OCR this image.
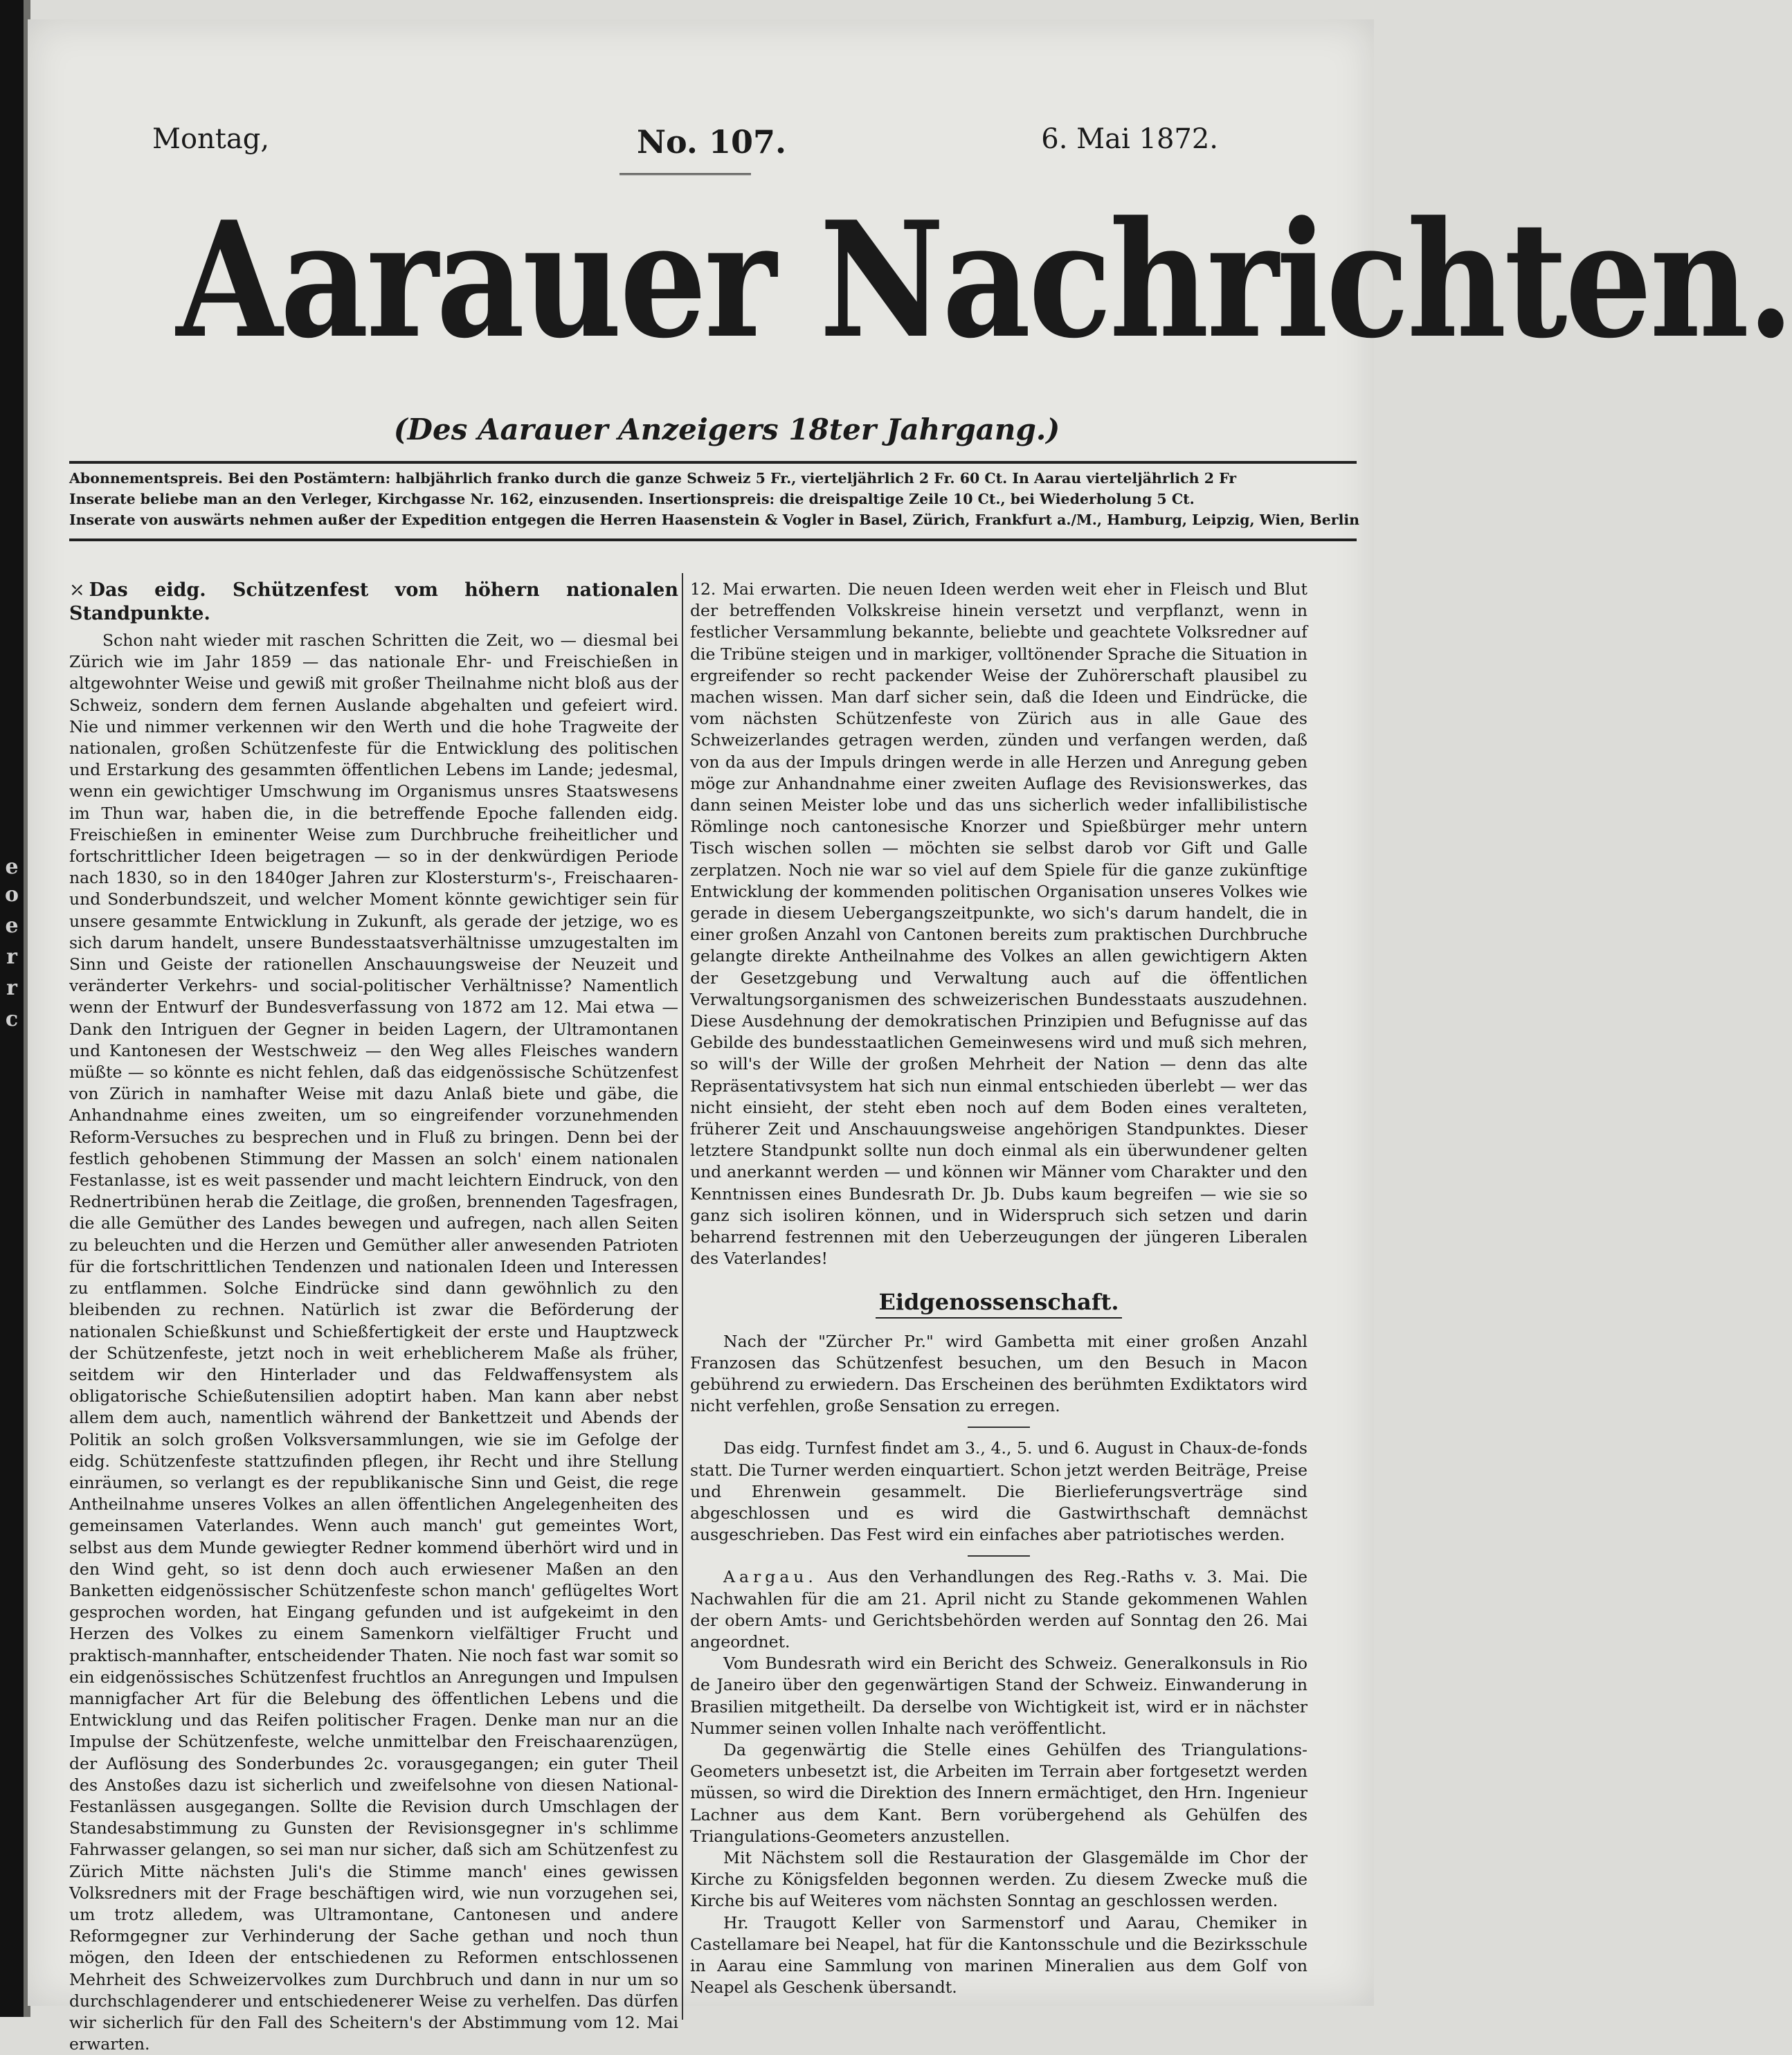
e
o
e
r
r
c
Montag,	No. 107.	6. Mai 1872.
Aarauer Nachrichten.
(Des Aarauer Anzeigers 18ter Jahrgang.)
Abonnementspreis. Bei den Postämtern: halbjährlich franko durch die ganze Schweiz 5 Fr., vierteljährlich 2 Fr. 60 Ct. In Aarau vierteljährlich 2 Fr
Inserate beliebe man an den Verleger, Kirchgasse Nr. 162, einzusenden. Insertionspreis: die dreispaltige Zeile 10 Ct., bei Wiederholung 5 Ct.
Inserate von auswärts nehmen außer der Expedition entgegen die Herren Haasenstein & Vogler in Basel, Zürich, Frankfurt a./M., Hamburg, Leipzig, Wien, Berlin
⤫ Das eidg. Schützenfest vom höhern nationalen Standpunkte.

Schon naht wieder mit raschen Schritten die Zeit, wo — diesmal bei Zürich wie im Jahr 1859 — das nationale Ehr- und Freischießen in altgewohnter Weise und gewiß mit großer Theilnahme nicht bloß aus der Schweiz, sondern dem fernen Auslande abgehalten und gefeiert wird. Nie und nimmer verkennen wir den Werth und die hohe Tragweite der nationalen, großen Schützenfeste für die Entwicklung des politischen und Erstarkung des gesammten öffentlichen Lebens im Lande; jedesmal, wenn ein gewichtiger Umschwung im Organismus unsres Staatswesens im Thun war, haben die, in die betreffende Epoche fallenden eidg. Freischießen in eminenter Weise zum Durchbruche freiheitlicher und fortschrittlicher Ideen beigetragen — so in der denkwürdigen Periode nach 1830, so in den 1840ger Jahren zur Klostersturm's-, Freischaaren- und Sonderbundszeit, und welcher Moment könnte gewichtiger sein für unsere gesammte Entwicklung in Zukunft, als gerade der jetzige, wo es sich darum handelt, unsere Bundesstaatsverhältnisse umzugestalten im Sinn und Geiste der rationellen Anschauungsweise der Neuzeit und veränderter Verkehrs- und social-politischer Verhältnisse? Namentlich wenn der Entwurf der Bundesverfassung von 1872 am 12. Mai etwa — Dank den Intriguen der Gegner in beiden Lagern, der Ultramontanen und Kantonesen der Westschweiz — den Weg alles Fleisches wandern müßte — so könnte es nicht fehlen, daß das eidgenössische Schützenfest von Zürich in namhafter Weise mit dazu Anlaß biete und gäbe, die Anhandnahme eines zweiten, um so eingreifender vorzunehmenden Reform-Versuches zu besprechen und in Fluß zu bringen. Denn bei der festlich gehobenen Stimmung der Massen an solch' einem nationalen Festanlasse, ist es weit passender und macht leichtern Eindruck, von den Rednertribünen herab die Zeitlage, die großen, brennenden Tagesfragen, die alle Gemüther des Landes bewegen und aufregen, nach allen Seiten zu beleuchten und die Herzen und Gemüther aller anwesenden Patrioten für die fortschrittlichen Tendenzen und nationalen Ideen und Interessen zu entflammen. Solche Eindrücke sind dann gewöhnlich zu den bleibenden zu rechnen. Natürlich ist zwar die Beförderung der nationalen Schießkunst und Schießfertigkeit der erste und Hauptzweck der Schützenfeste, jetzt noch in weit erheblicherem Maße als früher, seitdem wir den Hinterlader und das Feldwaffensystem als obligatorische Schießutensilien adoptirt haben. Man kann aber nebst allem dem auch, namentlich während der Bankettzeit und Abends der Politik an solch großen Volksversammlungen, wie sie im Gefolge der eidg. Schützenfeste stattzufinden pflegen, ihr Recht und ihre Stellung einräumen, so verlangt es der republikanische Sinn und Geist, die rege Antheilnahme unseres Volkes an allen öffentlichen Angelegenheiten des gemeinsamen Vaterlandes. Wenn auch manch' gut gemeintes Wort, selbst aus dem Munde gewiegter Redner kommend überhört wird und in den Wind geht, so ist denn doch auch erwiesener Maßen an den Banketten eidgenössischer Schützenfeste schon manch' geflügeltes Wort gesprochen worden, hat Eingang gefunden und ist aufgekeimt in den Herzen des Volkes zu einem Samenkorn vielfältiger Frucht und praktisch-mannhafter, entscheidender Thaten. Nie noch fast war somit so ein eidgenössisches Schützenfest fruchtlos an Anregungen und Impulsen mannigfacher Art für die Belebung des öffentlichen Lebens und die Entwicklung und das Reifen politischer Fragen. Denke man nur an die Impulse der Schützenfeste, welche unmittelbar den Freischaarenzügen, der Auflösung des Sonderbundes 2c. vorausgegangen; ein guter Theil des Anstoßes dazu ist sicherlich und zweifelsohne von diesen National-Festanlässen ausgegangen. Sollte die Revision durch Umschlagen der Standesabstimmung zu Gunsten der Revisionsgegner in's schlimme Fahrwasser gelangen, so sei man nur sicher, daß sich am Schützenfest zu Zürich Mitte nächsten Juli's die Stimme manch' eines gewissen Volksredners mit der Frage beschäftigen wird, wie nun vorzugehen sei, um trotz alledem, was Ultramontane, Cantonesen und andere Reformgegner zur Verhinderung der Sache gethan und noch thun mögen, den Ideen der entschiedenen zu Reformen entschlossenen Mehrheit des Schweizervolkes zum Durchbruch und dann in nur um so durchschlagenderer und entschiedenerer Weise zu verhelfen. Das dürfen wir sicherlich für den Fall des Scheitern's der Abstimmung vom 12. Mai erwarten.

12. Mai erwarten. Die neuen Ideen werden weit eher in Fleisch und Blut der betreffenden Volkskreise hinein versetzt und verpflanzt, wenn in festlicher Versammlung bekannte, beliebte und geachtete Volksredner auf die Tribüne steigen und in markiger, volltönender Sprache die Situation in ergreifender so recht packender Weise der Zuhörerschaft plausibel zu machen wissen. Man darf sicher sein, daß die Ideen und Eindrücke, die vom nächsten Schützenfeste von Zürich aus in alle Gaue des Schweizerlandes getragen werden, zünden und verfangen werden, daß von da aus der Impuls dringen werde in alle Herzen und Anregung geben möge zur Anhandnahme einer zweiten Auflage des Revisionswerkes, das dann seinen Meister lobe und das uns sicherlich weder infallibilistische Römlinge noch cantonesische Knorzer und Spießbürger mehr untern Tisch wischen sollen — möchten sie selbst darob vor Gift und Galle zerplatzen. Noch nie war so viel auf dem Spiele für die ganze zukünftige Entwicklung der kommenden politischen Organisation unseres Volkes wie gerade in diesem Uebergangszeitpunkte, wo sich's darum handelt, die in einer großen Anzahl von Cantonen bereits zum praktischen Durchbruche gelangte direkte Antheilnahme des Volkes an allen gewichtigern Akten der Gesetzgebung und Verwaltung auch auf die öffentlichen Verwaltungsorganismen des schweizerischen Bundesstaats auszudehnen. Diese Ausdehnung der demokratischen Prinzipien und Befugnisse auf das Gebilde des bundesstaatlichen Gemeinwesens wird und muß sich mehren, so will's der Wille der großen Mehrheit der Nation — denn das alte Repräsentativsystem hat sich nun einmal entschieden überlebt — wer das nicht einsieht, der steht eben noch auf dem Boden eines veralteten, früherer Zeit und Anschauungsweise angehörigen Standpunktes. Dieser letztere Standpunkt sollte nun doch einmal als ein überwundener gelten und anerkannt werden — und können wir Männer vom Charakter und den Kenntnissen eines Bundesrath Dr. Jb. Dubs kaum begreifen — wie sie so ganz sich isoliren können, und in Widerspruch sich setzen und darin beharrend festrennen mit den Ueberzeugungen der jüngeren Liberalen des Vaterlandes!

Eidgenossenschaft.

Nach der "Zürcher Pr." wird Gambetta mit einer großen Anzahl Franzosen das Schützenfest besuchen, um den Besuch in Macon gebührend zu erwiedern. Das Erscheinen des berühmten Exdiktators wird nicht verfehlen, große Sensation zu erregen.

Das eidg. Turnfest findet am 3., 4., 5. und 6. August in Chaux-de-fonds statt. Die Turner werden einquartiert. Schon jetzt werden Beiträge, Preise und Ehrenwein gesammelt. Die Bierlieferungsverträge sind abgeschlossen und es wird die Gastwirthschaft demnächst ausgeschrieben. Das Fest wird ein einfaches aber patriotisches werden.

Aargau. Aus den Verhandlungen des Reg.-Raths v. 3. Mai. Die Nachwahlen für die am 21. April nicht zu Stande gekommenen Wahlen der obern Amts- und Gerichtsbehörden werden auf Sonntag den 26. Mai angeordnet.

Vom Bundesrath wird ein Bericht des Schweiz. Generalkonsuls in Rio de Janeiro über den gegenwärtigen Stand der Schweiz. Einwanderung in Brasilien mitgetheilt. Da derselbe von Wichtigkeit ist, wird er in nächster Nummer seinen vollen Inhalte nach veröffentlicht.

Da gegenwärtig die Stelle eines Gehülfen des Triangulations-Geometers unbesetzt ist, die Arbeiten im Terrain aber fortgesetzt werden müssen, so wird die Direktion des Innern ermächtiget, den Hrn. Ingenieur Lachner aus dem Kant. Bern vorübergehend als Gehülfen des Triangulations-Geometers anzustellen.

Mit Nächstem soll die Restauration der Glasgemälde im Chor der Kirche zu Königsfelden begonnen werden. Zu diesem Zwecke muß die Kirche bis auf Weiteres vom nächsten Sonntag an geschlossen werden.

Hr. Traugott Keller von Sarmenstorf und Aarau, Chemiker in Castellamare bei Neapel, hat für die Kantonsschule und die Bezirksschule in Aarau eine Sammlung von marinen Mineralien aus dem Golf von Neapel als Geschenk übersandt.
